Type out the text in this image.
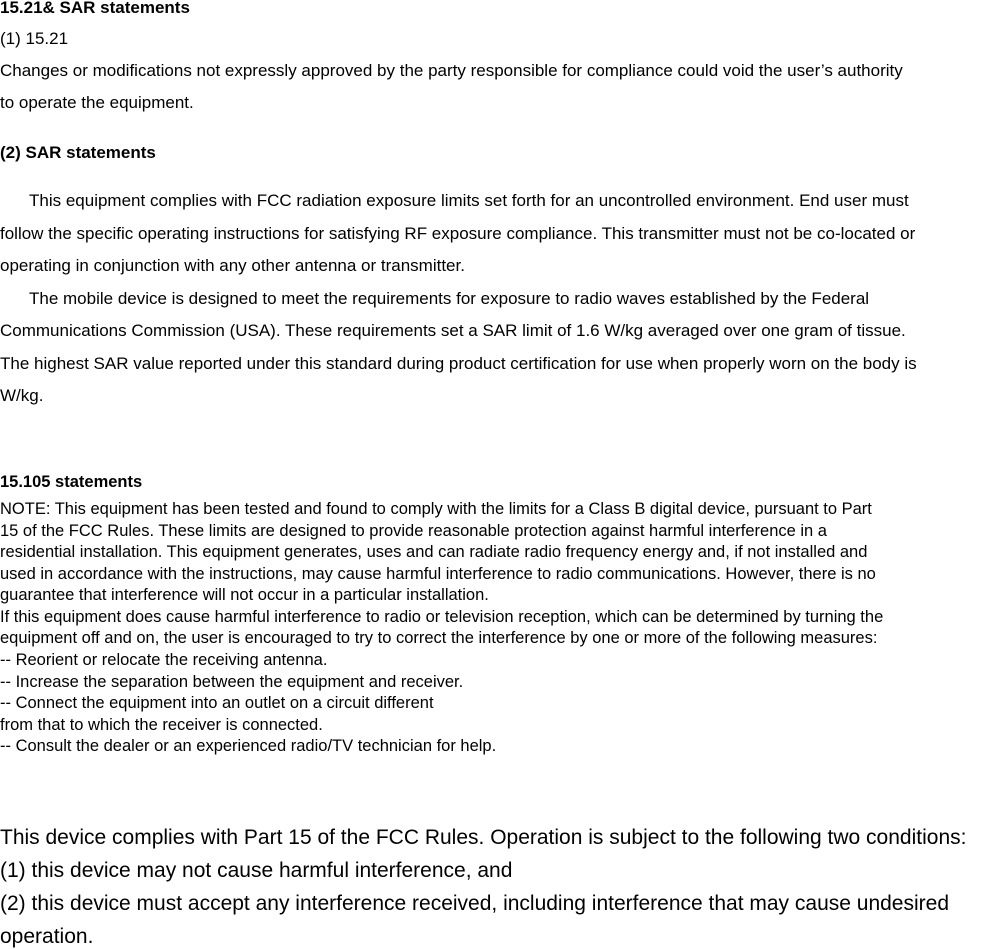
15.21& SAR statements

(1) 15.21

Changes or modifications not expressly approved by the party responsible for compliance could void the user’s authority

to operate the equipment.

(2) SAR statements

This equipment complies with FCC radiation exposure limits set forth for an uncontrolled environment. End user must

follow the specific operating instructions for satisfying RF exposure compliance. This transmitter must not be co-located or

operating in conjunction with any other antenna or transmitter.

The mobile device is designed to meet the requirements for exposure to radio waves established by the Federal

Communications Commission (USA). These requirements set a SAR limit of 1.6 W/kg averaged over one gram of tissue.

The highest SAR value reported under this standard during product certification for use when properly worn on the body is

W/kg.

15.105 statements

NOTE: This equipment has been tested and found to comply with the limits for a Class B digital device, pursuant to Part

15 of the FCC Rules. These limits are designed to provide reasonable protection against harmful interference in a

residential installation. This equipment generates, uses and can radiate radio frequency energy and, if not installed and

used in accordance with the instructions, may cause harmful interference to radio communications. However, there is no

guarantee that interference will not occur in a particular installation.

If this equipment does cause harmful interference to radio or television reception, which can be determined by turning the

equipment off and on, the user is encouraged to try to correct the interference by one or more of the following measures:

-- Reorient or relocate the receiving antenna.

-- Increase the separation between the equipment and receiver.

-- Connect the equipment into an outlet on a circuit different

from that to which the receiver is connected.

-- Consult the dealer or an experienced radio/TV technician for help.

This device complies with Part 15 of the FCC Rules. Operation is subject to the following two conditions:

(1) this device may not cause harmful interference, and

(2) this device must accept any interference received, including interference that may cause undesired

operation.
